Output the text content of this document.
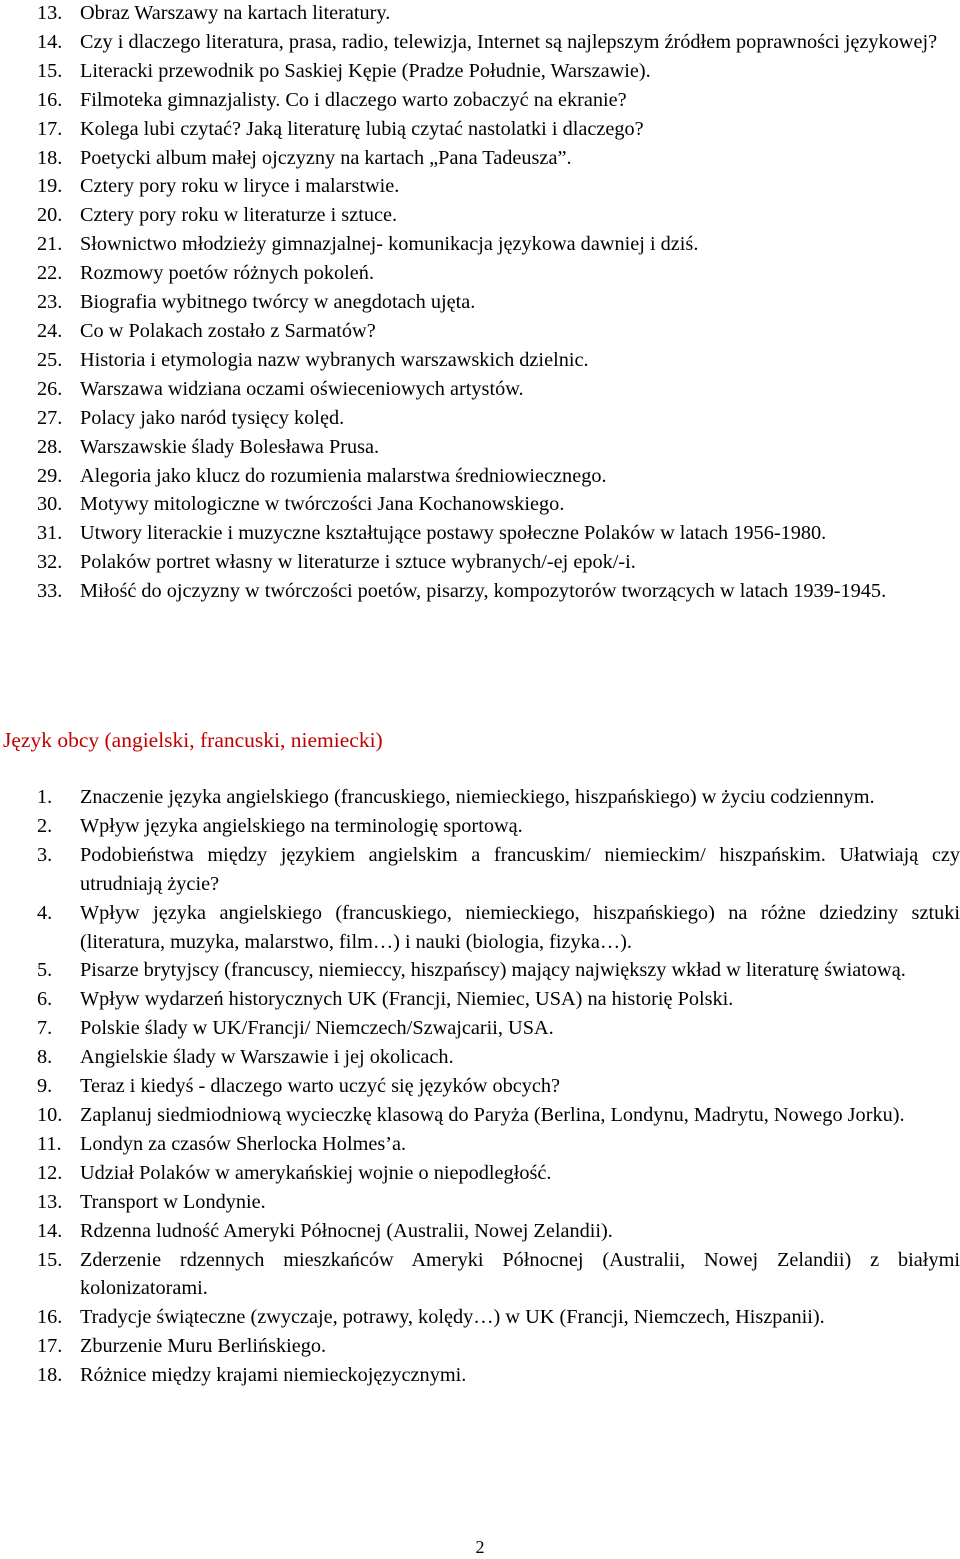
13. Obraz Warszawy na kartach literatury.
14. Czy i dlaczego literatura, prasa, radio, telewizja, Internet są najlepszym źródłem poprawności językowej?
15. Literacki przewodnik po Saskiej Kępie (Pradze Południe, Warszawie).
16. Filmoteka gimnazjalisty. Co i dlaczego warto zobaczyć na ekranie?
17. Kolega lubi czytać? Jaką literaturę lubią czytać nastolatki i dlaczego?
18. Poetycki album małej ojczyzny na kartach „Pana Tadeusza”.
19. Cztery pory roku w liryce i malarstwie.
20. Cztery pory roku w literaturze i sztuce.
21. Słownictwo młodzieży gimnazjalnej- komunikacja językowa dawniej i dziś.
22. Rozmowy poetów różnych pokoleń.
23. Biografia wybitnego twórcy w anegdotach ujęta.
24. Co w Polakach zostało z Sarmatów?
25. Historia i etymologia nazw wybranych warszawskich dzielnic.
26. Warszawa widziana oczami oświeceniowych artystów.
27. Polacy jako naród tysięcy kolęd.
28. Warszawskie ślady Bolesława Prusa.
29. Alegoria jako klucz do rozumienia malarstwa średniowiecznego.
30. Motywy mitologiczne w twórczości Jana Kochanowskiego.
31. Utwory literackie i muzyczne kształtujące postawy społeczne Polaków w latach 1956-1980.
32. Polaków portret własny w literaturze i sztuce wybranych/-ej epok/-i.
33. Miłość do ojczyzny w twórczości poetów, pisarzy, kompozytorów tworzących w latach 1939-1945.
Język obcy (angielski, francuski, niemiecki)
1. Znaczenie języka angielskiego (francuskiego, niemieckiego, hiszpańskiego) w życiu codziennym.
2. Wpływ języka angielskiego na terminologię sportową.
3. Podobieństwa między językiem angielskim a francuskim/ niemieckim/ hiszpańskim. Ułatwiają czy utrudniają życie?
4. Wpływ języka angielskiego (francuskiego, niemieckiego, hiszpańskiego) na różne dziedziny sztuki (literatura, muzyka, malarstwo, film…) i nauki (biologia, fizyka…).
5. Pisarze brytyjscy (francuscy, niemieccy, hiszpańscy) mający największy wkład w literaturę światową.
6. Wpływ wydarzeń historycznych UK (Francji, Niemiec, USA) na historię Polski.
7. Polskie ślady w UK/Francji/ Niemczech/Szwajcarii, USA.
8. Angielskie ślady w Warszawie i jej okolicach.
9. Teraz i kiedyś - dlaczego warto uczyć się języków obcych?
10. Zaplanuj siedmiodniową wycieczkę klasową do Paryża (Berlina, Londynu, Madrytu, Nowego Jorku).
11. Londyn za czasów Sherlocka Holmes’a.
12. Udział Polaków w amerykańskiej wojnie o niepodległość.
13. Transport w Londynie.
14. Rdzenna ludność Ameryki Północnej (Australii, Nowej Zelandii).
15. Zderzenie rdzennych mieszkańców Ameryki Północnej (Australii, Nowej Zelandii) z białymi kolonizatorami.
16. Tradycje świąteczne (zwyczaje, potrawy, kolędy…) w UK (Francji, Niemczech, Hiszpanii).
17. Zburzenie Muru Berlińskiego.
18. Różnice między krajami niemieckojęzycznymi.
2
